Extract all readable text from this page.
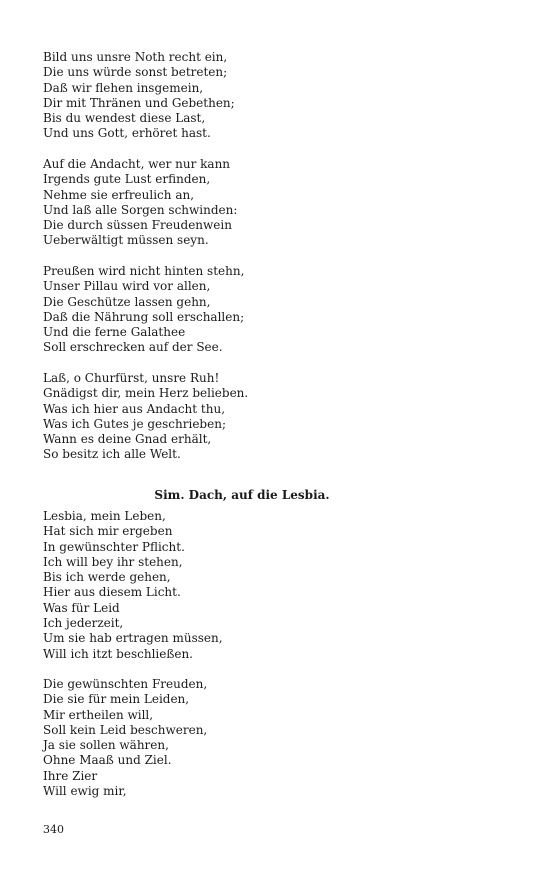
Bild uns unsre Noth recht ein,
Die uns würde sonst betreten;
Daß wir flehen insgemein,
Dir mit Thränen und Gebethen;
Bis du wendest diese Last,
Und uns Gott, erhöret hast.
Auf die Andacht, wer nur kann
Irgends gute Lust erfinden,
Nehme sie erfreulich an,
Und laß alle Sorgen schwinden:
Die durch süssen Freudenwein
Ueberwältigt müssen seyn.
Preußen wird nicht hinten stehn,
Unser Pillau wird vor allen,
Die Geschütze lassen gehn,
Daß die Nährung soll erschallen;
Und die ferne Galathee
Soll erschrecken auf der See.
Laß, o Churfürst, unsre Ruh!
Gnädigst dir, mein Herz belieben.
Was ich hier aus Andacht thu,
Was ich Gutes je geschrieben;
Wann es deine Gnad erhält,
So besitz ich alle Welt.
Sim. Dach, auf die Lesbia.
Lesbia, mein Leben,
Hat sich mir ergeben
In gewünschter Pflicht.
Ich will bey ihr stehen,
Bis ich werde gehen,
Hier aus diesem Licht.
Was für Leid
Ich jederzeit,
Um sie hab ertragen müssen,
Will ich itzt beschließen.
Die gewünschten Freuden,
Die sie für mein Leiden,
Mir ertheilen will,
Soll kein Leid beschweren,
Ja sie sollen währen,
Ohne Maaß und Ziel.
Ihre Zier
Will ewig mir,
340
